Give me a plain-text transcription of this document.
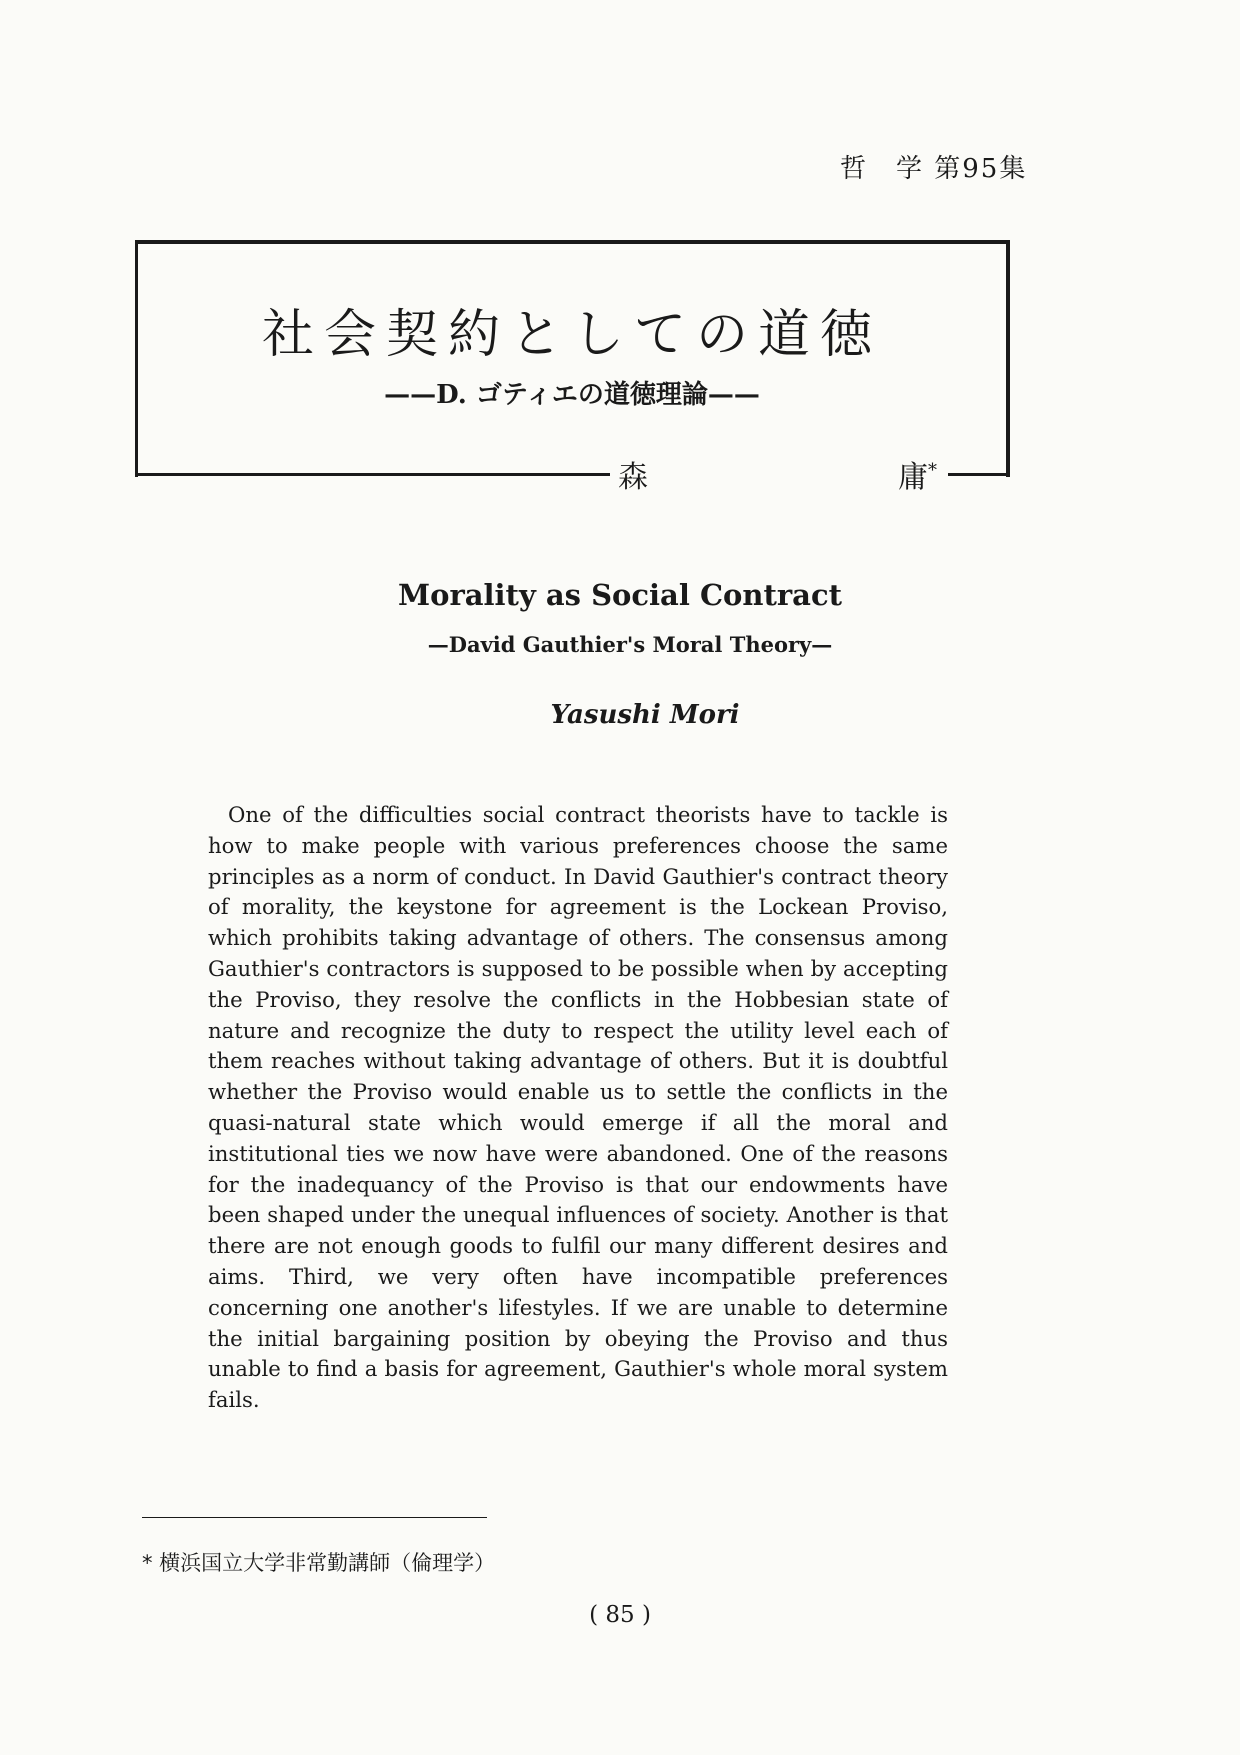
哲　学 第95集
社会契約としての道徳
——D. ゴティエの道徳理論——
森	庸*
Morality as Social Contract
—David Gauthier's Moral Theory—
Yasushi Mori

One of the difficulties social contract theorists have to tackle is how to make people with various preferences choose the same principles as a norm of conduct. In David Gauthier's contract theory of morality, the keystone for agreement is the Lockean Proviso, which prohibits taking advantage of others. The consensus among Gauthier's contractors is supposed to be possible when by accepting the Proviso, they resolve the conflicts in the Hobbesian state of nature and recognize the duty to respect the utility level each of them reaches without taking advantage of others. But it is doubtful whether the Proviso would enable us to settle the conflicts in the quasi-natural state which would emerge if all the moral and institutional ties we now have were abandoned. One of the reasons for the inadequancy of the Proviso is that our endowments have been shaped under the unequal influences of society. Another is that there are not enough goods to fulfil our many different desires and aims. Third, we very often have incompatible preferences concerning one another's lifestyles. If we are unable to determine the initial bargaining position by obeying the Proviso and thus unable to find a basis for agreement, Gauthier's whole moral system fails.

* 横浜国立大学非常勤講師（倫理学）
( 85 )
